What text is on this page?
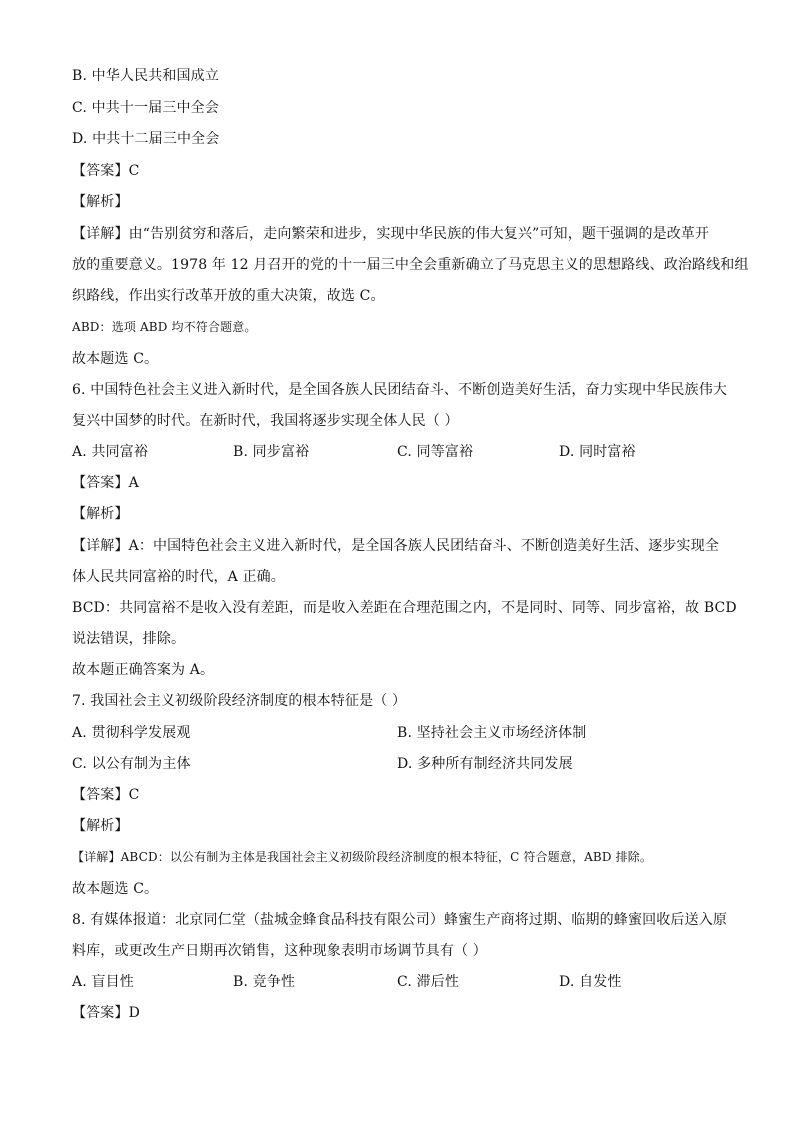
B. 中华人民共和国成立
C. 中共十一届三中全会
D. 中共十二届三中全会
【答案】C
【解析】
【详解】由“告别贫穷和落后，走向繁荣和进步，实现中华民族的伟大复兴”可知，题干强调的是改革开
放的重要意义。1978 年 12 月召开的党的十一届三中全会重新确立了马克思主义的思想路线、政治路线和组
织路线，作出实行改革开放的重大决策，故选 C。
ABD：选项 ABD 均不符合题意。
故本题选 C。
6. 中国特色社会主义进入新时代，是全国各族人民团结奋斗、不断创造美好生活，奋力实现中华民族伟大
复兴中国梦的时代。在新时代，我国将逐步实现全体人民（ ）
A. 共同富裕	B. 同步富裕	C. 同等富裕	D. 同时富裕
【答案】A
【解析】
【详解】A：中国特色社会主义进入新时代，是全国各族人民团结奋斗、不断创造美好生活、逐步实现全
体人民共同富裕的时代，A 正确。
BCD：共同富裕不是收入没有差距，而是收入差距在合理范围之内，不是同时、同等、同步富裕，故 BCD
说法错误，排除。
故本题正确答案为 A。
7. 我国社会主义初级阶段经济制度的根本特征是（ ）
A. 贯彻科学发展观	B. 坚持社会主义市场经济体制
C. 以公有制为主体	D. 多种所有制经济共同发展
【答案】C
【解析】
【详解】ABCD：以公有制为主体是我国社会主义初级阶段经济制度的根本特征，C 符合题意，ABD 排除。
故本题选 C。
8. 有媒体报道：北京同仁堂（盐城金蜂食品科技有限公司）蜂蜜生产商将过期、临期的蜂蜜回收后送入原
料库，或更改生产日期再次销售，这种现象表明市场调节具有（ ）
A. 盲目性	B. 竞争性	C. 滞后性	D. 自发性
【答案】D
